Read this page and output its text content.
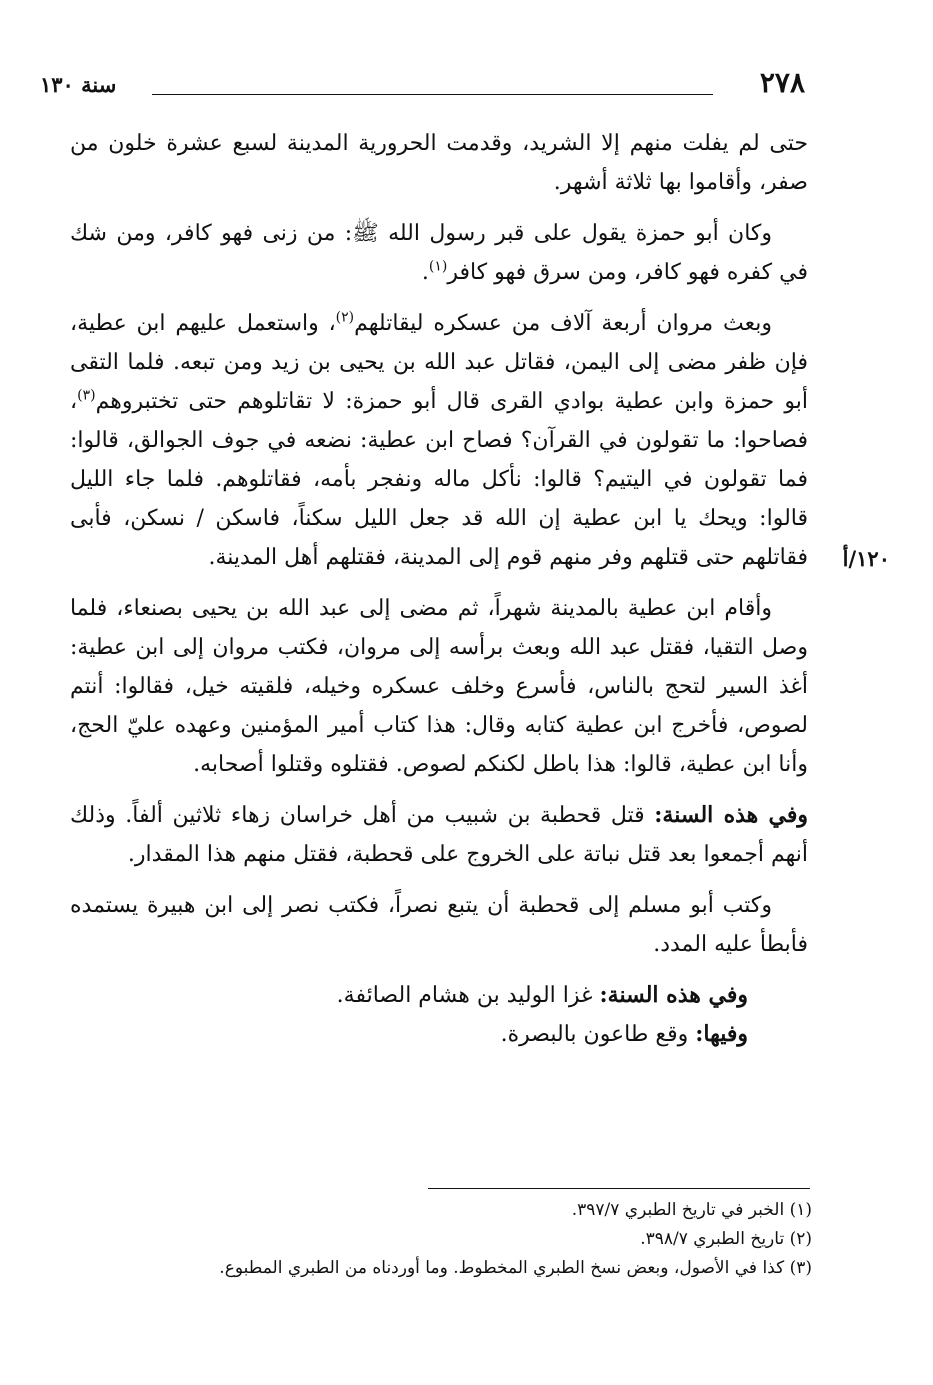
٢٧٨
سنة ١٣٠
١٢٠/أ

حتى لم يفلت منهم إلا الشريد، وقدمت الحرورية المدينة لسبع عشرة خلون من صفر، وأقاموا بها ثلاثة أشهر.

وكان أبو حمزة يقول على قبر رسول الله ﷺ: من زنى فهو كافر، ومن شك في كفره فهو كافر، ومن سرق فهو كافر$^{(١)}$.

وبعث مروان أربعة آلاف من عسكره ليقاتلهم$^{(٢)}$، واستعمل عليهم ابن عطية، فإن ظفر مضى إلى اليمن، فقاتل عبد الله بن يحيى بن زيد ومن تبعه. فلما التقى أبو حمزة وابن عطية بوادي القرى قال أبو حمزة: لا تقاتلوهم حتى تختبروهم$^{(٣)}$، فصاحوا: ما تقولون في القرآن؟ فصاح ابن عطية: نضعه في جوف الجوالق، قالوا: فما تقولون في اليتيم؟ قالوا: نأكل ماله ونفجر بأمه، فقاتلوهم. فلما جاء الليل قالوا: ويحك يا ابن عطية إن الله قد جعل الليل سكناً، فاسكن / نسكن، فأبى فقاتلهم حتى قتلهم وفر منهم قوم إلى المدينة، فقتلهم أهل المدينة.

وأقام ابن عطية بالمدينة شهراً، ثم مضى إلى عبد الله بن يحيى بصنعاء، فلما وصل التقيا، فقتل عبد الله وبعث برأسه إلى مروان، فكتب مروان إلى ابن عطية: أغذ السير لتحج بالناس، فأسرع وخلف عسكره وخيله، فلقيته خيل، فقالوا: أنتم لصوص، فأخرج ابن عطية كتابه وقال: هذا كتاب أمير المؤمنين وعهده عليّ الحج، وأنا ابن عطية، قالوا: هذا باطل لكنكم لصوص. فقتلوه وقتلوا أصحابه.

وفي هذه السنة: قتل قحطبة بن شبيب من أهل خراسان زهاء ثلاثين ألفاً. وذلك أنهم أجمعوا بعد قتل نباتة على الخروج على قحطبة، فقتل منهم هذا المقدار.

وكتب أبو مسلم إلى قحطبة أن يتبع نصراً، فكتب نصر إلى ابن هبيرة يستمده فأبطأ عليه المدد.

وفي هذه السنة: غزا الوليد بن هشام الصائفة.

وفيها: وقع طاعون بالبصرة.

(١) الخبر في تاريخ الطبري ٣٩٧/٧.

(٢) تاريخ الطبري ٣٩٨/٧.

(٣) كذا في الأصول، وبعض نسخ الطبري المخطوط. وما أوردناه من الطبري المطبوع.
